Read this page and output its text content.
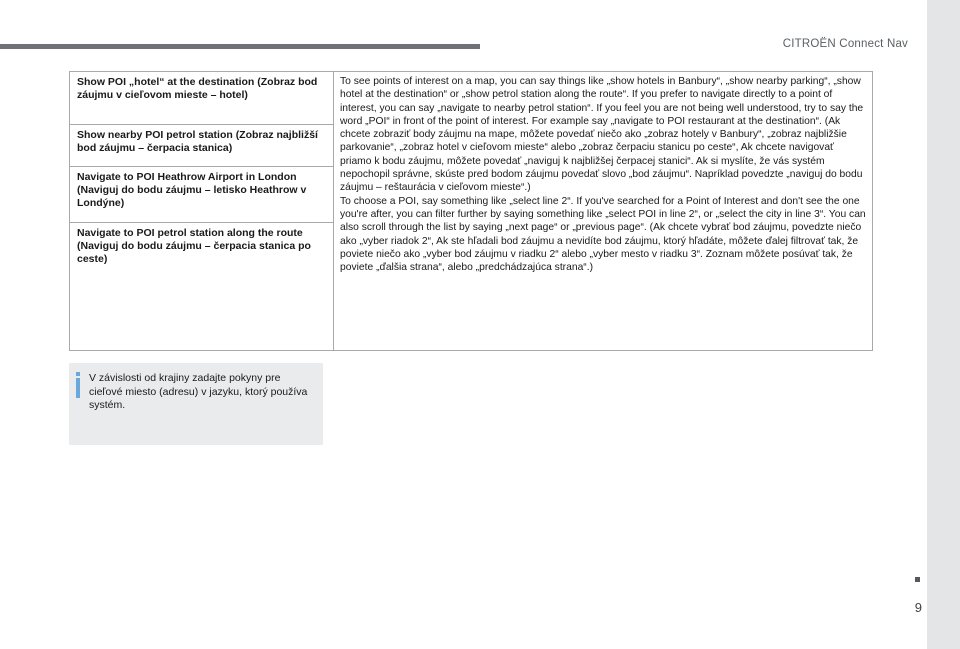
CITROËN Connect Nav
Show POI „hotel“ at the destination (Zobraz bod záujmu v cieľovom mieste – hotel)
Show nearby POI petrol station (Zobraz najbližší bod záujmu – čerpacia stanica)
Navigate to POI Heathrow Airport in London (Naviguj do bodu záujmu – letisko Heathrow v Londýne)
Navigate to POI petrol station along the route (Naviguj do bodu záujmu – čerpacia stanica po ceste)
To see points of interest on a map, you can say things like „show hotels in Banbury“, „show nearby parking“, „show hotel at the destination“ or „show petrol station along the route“. If you prefer to navigate directly to a point of interest, you can say „navigate to nearby petrol station“. If you feel you are not being well understood, try to say the word „POI“ in front of the point of interest. For example say „navigate to POI restaurant at the destination“. (Ak chcete zobraziť body záujmu na mape, môžete povedať niečo ako „zobraz hotely v Banbury“, „zobraz najbližšie parkovanie“, „zobraz hotel v cieľovom mieste“ alebo „zobraz čerpaciu stanicu po ceste“, Ak chcete navigovať priamo k bodu záujmu, môžete povedať „naviguj k najbližšej čerpacej stanici“. Ak si myslíte, že vás systém nepochopil správne, skúste pred bodom záujmu povedať slovo „bod záujmu“. Napríklad povedzte „naviguj do bodu záujmu – reštaurácia v cieľovom mieste“.)
To choose a POI, say something like „select line 2“. If you've searched for a Point of Interest and don't see the one you're after, you can filter further by saying something like „select POI in line 2“, or „select the city in line 3“. You can also scroll through the list by saying „next page“ or „previous page“. (Ak chcete vybrať bod záujmu, povedzte niečo ako „vyber riadok 2“, Ak ste hľadali bod záujmu a nevidíte bod záujmu, ktorý hľadáte, môžete ďalej filtrovať tak, že poviete niečo ako „vyber bod záujmu v riadku 2“ alebo „vyber mesto v riadku 3“. Zoznam môžete posúvať tak, že poviete „ďalšia strana“, alebo „predchádzajúca strana“.)
V závislosti od krajiny zadajte pokyny pre cieľové miesto (adresu) v jazyku, ktorý používa systém.
9
